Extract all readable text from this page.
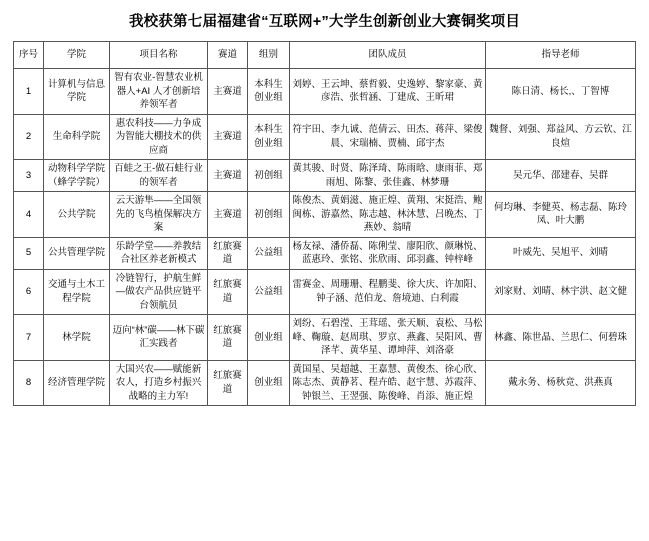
我校获第七届福建省“互联网+”大学生创新创业大赛铜奖项目
序号	学院	项目名称	赛道	组别	团队成员	指导老师
1	计算机与信息学院	智有农业-智慧农业机器人+AI 人才创新培养领军者	主赛道	本科生创业组	刘婷、王云坤、蔡哲毅、史逸婷、黎家豪、黄彦浩、张哲涵、丁建成、王昕珺	陈日清、杨长,、丁智博
2	生命科学院	惠农科技——力争成为智能大棚技术的供应商	主赛道	本科生创业组	符宇田、李九诚、范倩云、田杰、蒋萍、梁俊晨、宋瑞楠、贾楠、邱宇杰	魏督、刘强、郑益风、方云钦、江良煊
3	动物科学学院（蜂学学院）	百蛙之王-做石蛙行业的领军者	主赛道	初创组	黄其骏、时贤、陈泽琦、陈雨晗、康雨菲、郑雨旭、陈黎、张佳鑫、林梦珊	吴元华、邵建春、吴群
4	公共学院	云天游隼——全国领先的飞鸟植保解决方案	主赛道	初创组	陈俊杰、黄娟滋、施正煌、黄翔、宋挺浩、鲍闽栋、游嘉然、陈志越、林沐慧、吕晚杰、丁燕妙、翁晴	何均琳、李健英、杨志磊、陈玲凤、叶大鹏
5	公共管理学院	乐龄学堂——养教结合社区养老新模式	红旅赛道	公益组	杨友禄、潘侨磊、陈俐莹、廖阳欣、颜琳悦、蓝惠玲、张铭、张欣雨、邱羽鑫、钟梓峰	叶威先、吴旭平、刘晴
6	交通与土木工程学院	冷链智行，护航生鲜—做农产品供应链平台领航员	红旅赛道	公益组	雷赛金、周珊珊、程鹏斐、徐大庆、许加阳、钟子涵、范伯龙、詹境迪、白利霞	刘家财、刘晴、林宇洪、赵文健
7	林学院	迈向“林”碳——林下碳汇实践者	红旅赛道	创业组	刘纷、石碧滢、王茸瑶、张天顺、袁松、马松峰、鞠璇、赵周琪、罗京、燕鑫、吴阳风、曹泽芊、黄华星、谭坤萍、刘洛豪	林鑫、陈世晶、兰思仁、何碧珠
8	经济管理学院	大国兴农——赋能新农人，打造乡村振兴战略的主力军!	红旅赛道	创业组	黄国星、吴超越、王嘉慧、黄俊杰、徐心欣、陈志杰、黄静茗、程卉皓、赵宇慧、苏霞萍、钟银兰、王翌强、陈俊峰、肖添、施正煌	戴永务、杨秋竞、洪燕真
